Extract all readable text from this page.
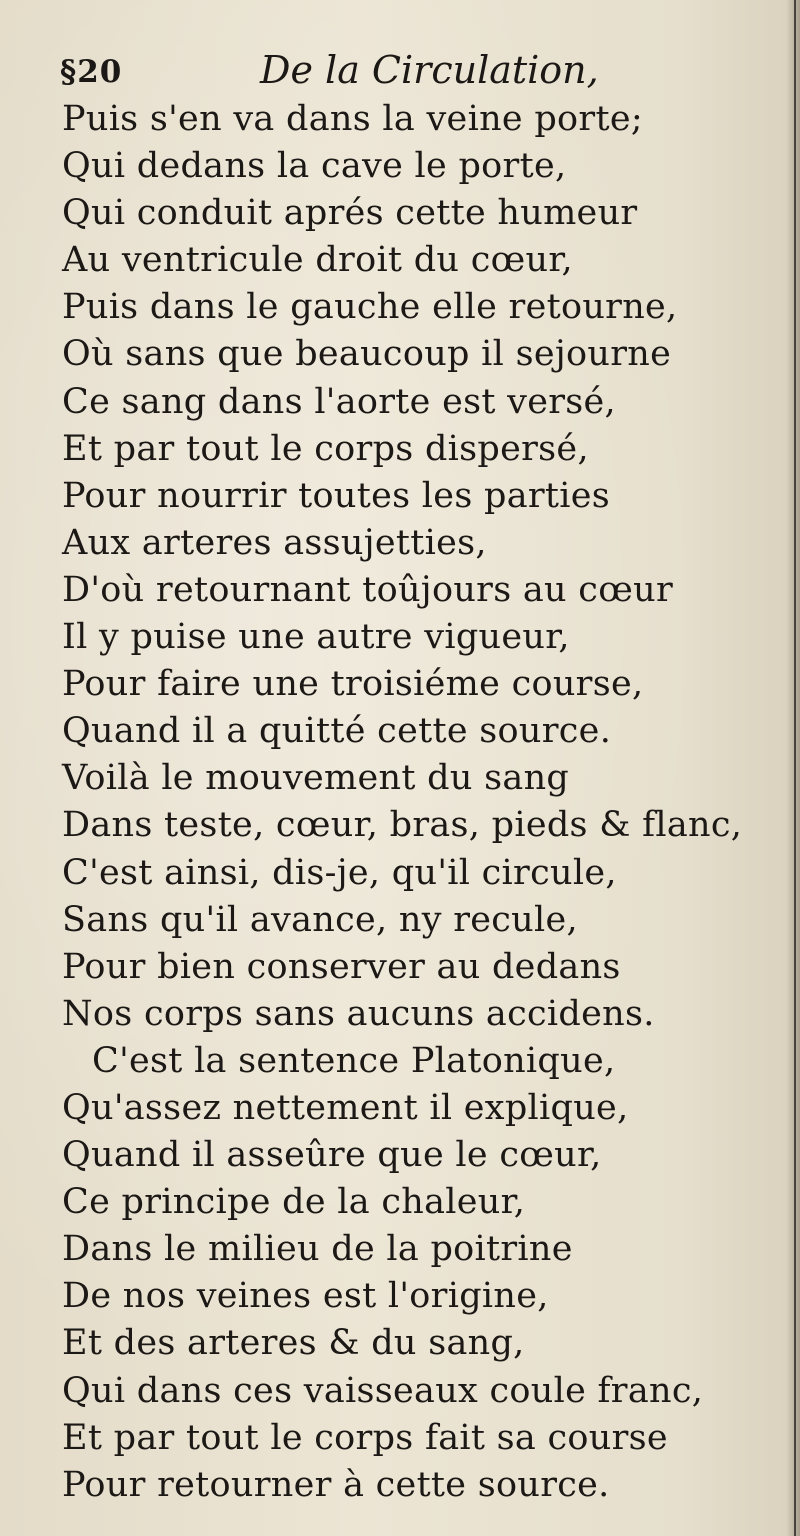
§20	De la Circulation,
Puis s'en va dans la veine porte;
Qui dedans la cave le porte,
Qui conduit aprés cette humeur
Au ventricule droit du cœur,
Puis dans le gauche elle retourne,
Où sans que beaucoup il sejourne
Ce sang dans l'aorte est versé,
Et par tout le corps dispersé,
Pour nourrir toutes les parties
Aux arteres assujetties,
D'où retournant toûjours au cœur
Il y puise une autre vigueur,
Pour faire une troisiéme course,
Quand il a quitté cette source.
Voilà le mouvement du sang
Dans teste, cœur, bras, pieds & flanc,
C'est ainsi, dis-je, qu'il circule,
Sans qu'il avance, ny recule,
Pour bien conserver au dedans
Nos corps sans aucuns accidens.
C'est la sentence Platonique,
Qu'assez nettement il explique,
Quand il asseûre que le cœur,
Ce principe de la chaleur,
Dans le milieu de la poitrine
De nos veines est l'origine,
Et des arteres & du sang,
Qui dans ces vaisseaux coule franc,
Et par tout le corps fait sa course
Pour retourner à cette source.
